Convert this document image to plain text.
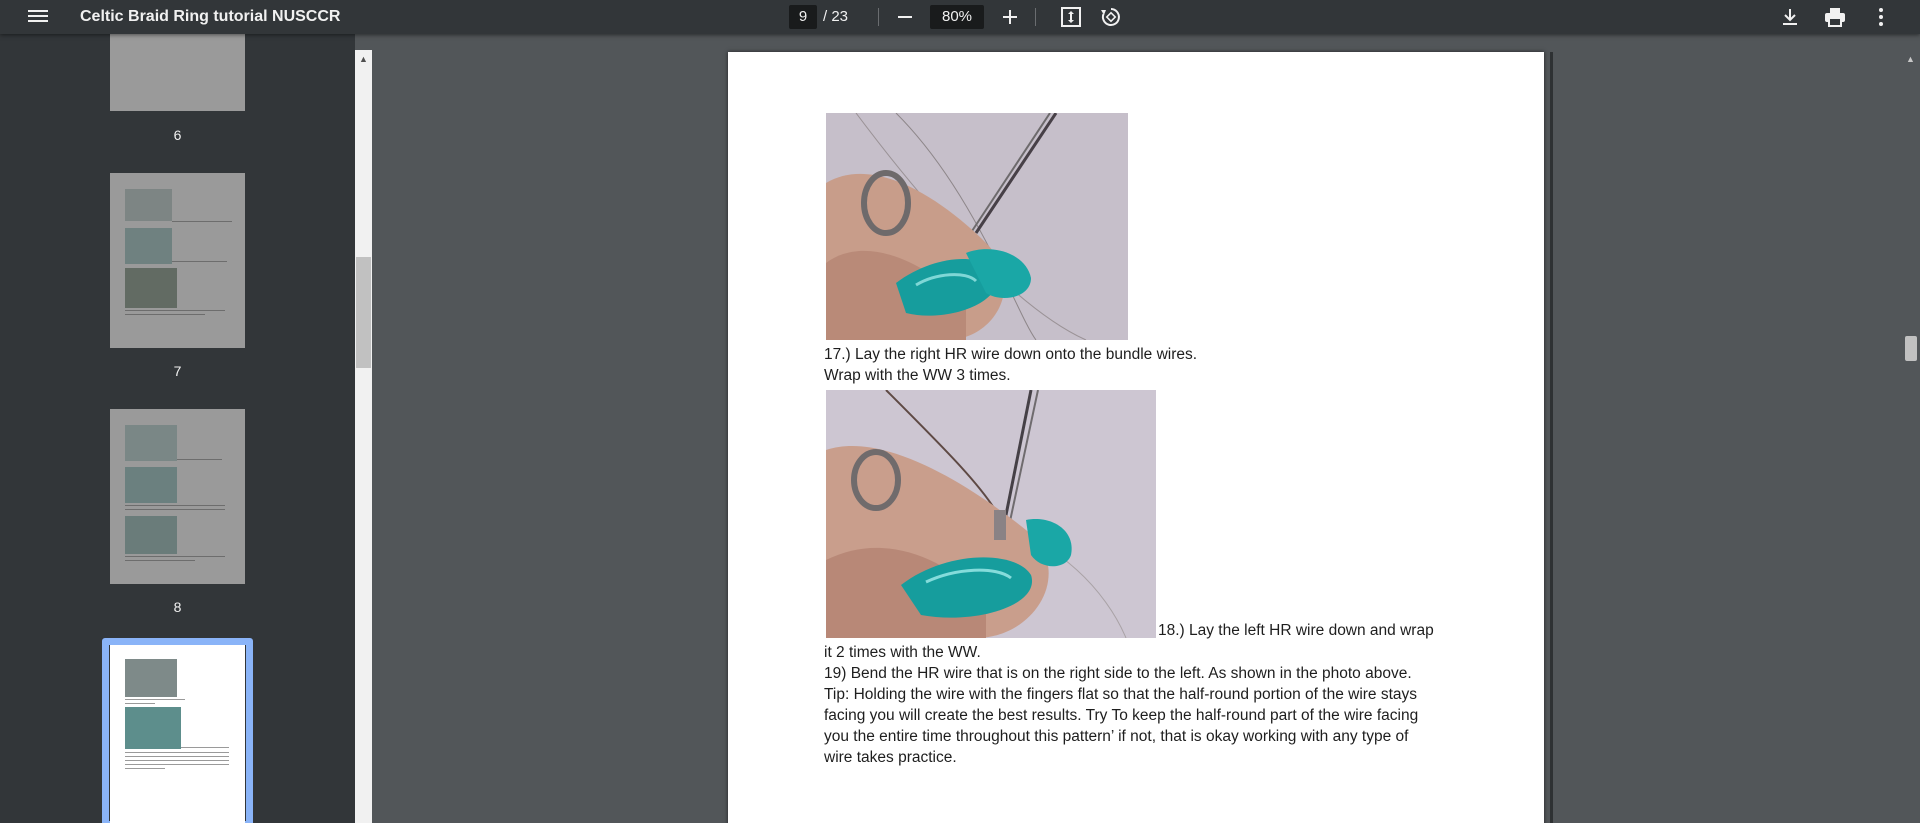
Celtic Braid Ring tutorial NUSCCR	9	/ 23	80%
6
7
8
▲
17.) Lay the right HR wire down onto the bundle wires.
Wrap with the WW 3 times.
18.) Lay the left HR wire down and wrap
it 2 times with the WW.
19) Bend the HR wire that is on the right side to the left. As shown in the photo above.
Tip: Holding the wire with the fingers flat so that the half-round portion of the wire stays
facing you will create the best results. Try To keep the half-round part of the wire facing
you the entire time throughout this pattern’ if not, that is okay working with any type of
wire takes practice.
▲
